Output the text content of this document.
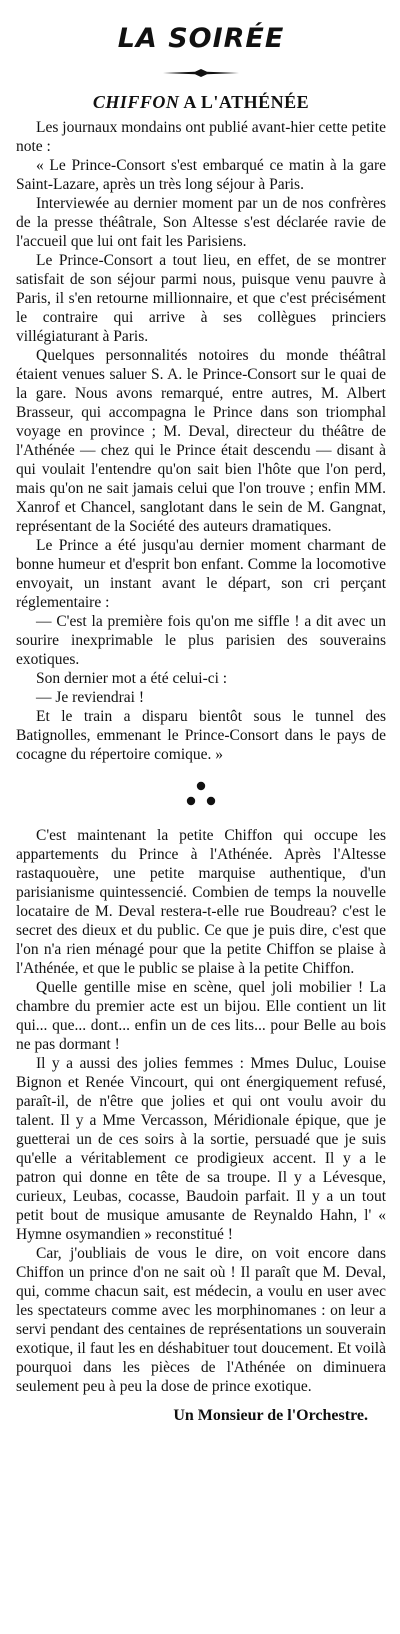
LA SOIRÉE
CHIFFON A L'ATHÉNÉE

Les journaux mondains ont publié avant-hier cette petite note :

« Le Prince-Consort s'est embarqué ce matin à la gare Saint-Lazare, après un très long séjour à Paris.

Interviewée au dernier moment par un de nos confrères de la presse théâtrale, Son Altesse s'est déclarée ravie de l'accueil que lui ont fait les Parisiens.

Le Prince-Consort a tout lieu, en effet, de se montrer satisfait de son séjour parmi nous, puisque venu pauvre à Paris, il s'en retourne millionnaire, et que c'est précisément le contraire qui arrive à ses collègues princiers villégiaturant à Paris.

Quelques personnalités notoires du monde théâtral étaient venues saluer S. A. le Prince-Consort sur le quai de la gare. Nous avons remarqué, entre autres, M. Albert Brasseur, qui accompagna le Prince dans son triomphal voyage en province ; M. Deval, directeur du théâtre de l'Athénée — chez qui le Prince était descendu — disant à qui voulait l'entendre qu'on sait bien l'hôte que l'on perd, mais qu'on ne sait jamais celui que l'on trouve ; enfin MM. Xanrof et Chancel, sanglotant dans le sein de M. Gangnat, représentant de la Société des auteurs dramatiques.

Le Prince a été jusqu'au dernier moment charmant de bonne humeur et d'esprit bon enfant. Comme la locomotive envoyait, un instant avant le départ, son cri perçant réglementaire :

— C'est la première fois qu'on me siffle ! a dit avec un sourire inexprimable le plus parisien des souverains exotiques.

Son dernier mot a été celui-ci :

— Je reviendrai !

Et le train a disparu bientôt sous le tunnel des Batignolles, emmenant le Prince-Consort dans le pays de cocagne du répertoire comique. »

C'est maintenant la petite Chiffon qui occupe les appartements du Prince à l'Athénée. Après l'Altesse rastaquouère, une petite marquise authentique, d'un parisianisme quintessencié. Combien de temps la nouvelle locataire de M. Deval restera-t-elle rue Boudreau? c'est le secret des dieux et du public. Ce que je puis dire, c'est que l'on n'a rien ménagé pour que la petite Chiffon se plaise à l'Athénée, et que le public se plaise à la petite Chiffon.

Quelle gentille mise en scène, quel joli mobilier ! La chambre du premier acte est un bijou. Elle contient un lit qui... que... dont... enfin un de ces lits... pour Belle au bois ne pas dormant !

Il y a aussi des jolies femmes : Mmes Duluc, Louise Bignon et Renée Vincourt, qui ont énergiquement refusé, paraît-il, de n'être que jolies et qui ont voulu avoir du talent. Il y a Mme Vercasson, Méridionale épique, que je guetterai un de ces soirs à la sortie, persuadé que je suis qu'elle a véritablement ce prodigieux accent. Il y a le patron qui donne en tête de sa troupe. Il y a Lévesque, curieux, Leubas, cocasse, Baudoin parfait. Il y a un tout petit bout de musique amusante de Reynaldo Hahn, l' « Hymne osymandien » reconstitué !

Car, j'oubliais de vous le dire, on voit encore dans Chiffon un prince d'on ne sait où ! Il paraît que M. Deval, qui, comme chacun sait, est médecin, a voulu en user avec les spectateurs comme avec les morphinomanes : on leur a servi pendant des centaines de représentations un souverain exotique, il faut les en déshabituer tout doucement. Et voilà pourquoi dans les pièces de l'Athénée on diminuera seulement peu à peu la dose de prince exotique.

Un Monsieur de l'Orchestre.
